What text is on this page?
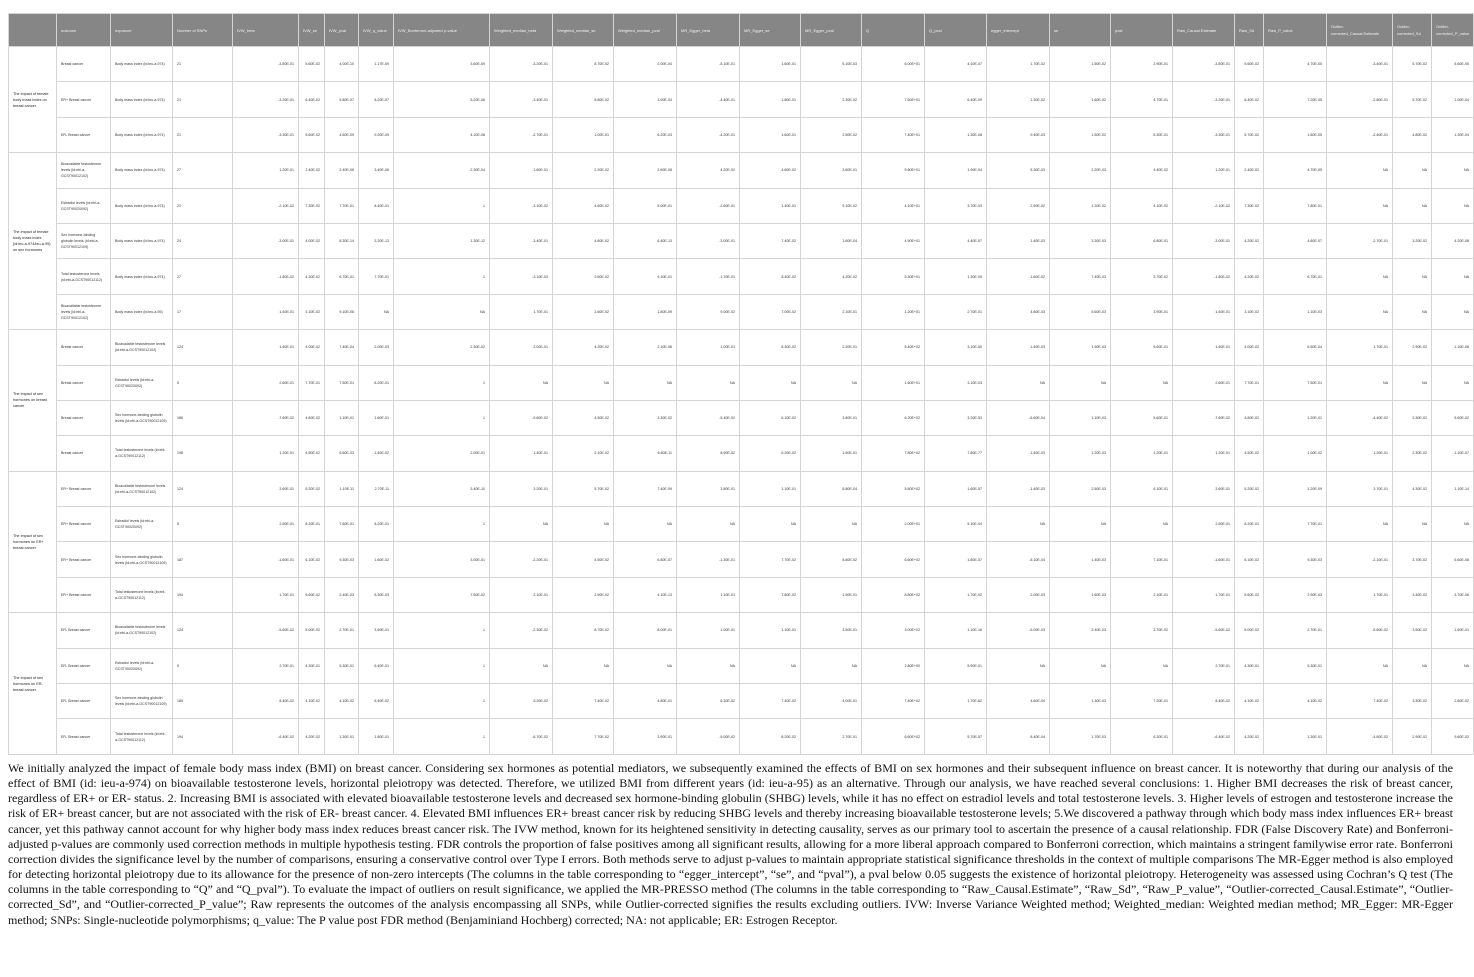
	outcome	exposure	Number of SNPs	IVW_beta	IVW_se	IVW_pval	IVW_q_value	IVW_Bonferroni-adjusted p-value	Weighted_median_beta	Weighted_median_se	Weighted_median_pval	MR_Egger_beta	MR_Egger_se	MR_Egger_pval	Q	Q_pval	egger_intercept	se	pval	Raw_Causal.Estimate	Raw_Sd	Raw_P_value	Outlier-corrected_Causal.Estimate	Outlier-corrected_Sd	Outlier-corrected_P_value
The impact of female body mass index on breast cancer	Breast cancer	Body mass index (id:ieu-a-974)	21	-3.50E-01	5.60E-02	4.00E-10	1.17E-09	3.60E-09	-3.20E-01	8.70E-02	2.00E-04	-5.10E-01	1.60E-01	5.10E-03	6.00E+01	4.10E-07	1.70E-02	1.50E-02	2.90E-01	-3.50E-01	5.60E-02	4.70E-05	-3.40E-01	5.70E-02	5.60E-05
	ER+ Breast cancer	Body mass index (id:ieu-a-974)	21	-3.20E-01	6.40E-02	5.80E-07	8.20E-07	5.20E-06	-3.40E-01	8.80E-02	1.00E-04	-4.40E-01	1.80E-01	2.30E-02	7.60E+01	6.40E-09	1.30E-02	1.60E-02	4.70E-01	-3.20E-01	6.40E-02	7.20E-05	-2.80E-01	5.70E-02	1.00E-04
	ER- Breast cancer	Body mass index (id:ieu-a-974)	21	-3.30E-01	5.60E-02	4.60E-09	9.20E-09	4.10E-08	-2.70E-01	1.00E-01	6.20E-03	-4.20E-01	1.60E-01	2.50E-02	7.40E+01	1.30E-08	9.40E-03	1.50E-02	5.30E-01	-3.30E-01	5.70E-02	1.60E-05	-2.40E-01	4.80E-02	1.30E-04
The impact of female body mass index (id:ieu-a-974/ieu-a-95) on sex hormones	Bioavailable testosterone levels (id:ebi-a-GCST90012102)	Body mass index (id:ieu-a-974)	27	1.20E-01	2.40E-02	2.40E-06	3.40E-06	2.30E-04	1.60E-01	2.20E-02	2.60E-08	4.20E-02	4.60E-02	3.60E-01	5.60E+01	1.90E-04	5.30E-03	2.20E-03	4.40E-02	1.20E-01	2.40E-02	4.70E-05	NA	NA	NA
	Estradiol levels (id:ebi-a-GCST90020092)	Body mass index (id:ieu-a-974)	21	-2.10E-02	7.30E-02	7.70E-01	8.40E-01	1	-3.10E-02	4.60E-02	5.00E-01	-2.60E-01	1.40E-01	9.10E-02	4.10E+01	3.70E-03	2.50E-02	1.20E-02	4.10E-02	-2.10E-02	7.30E-02	7.80E-01	NA	NA	NA
	Sex hormone-binding globulin levels (id:ebi-a-GCST90012109)	Body mass index (id:ieu-a-974)	24	-3.00E-01	4.00E-02	8.30E-14	3.20E-13	1.30E-12	-3.40E-01	4.80E-02	6.40E-13	-3.00E-01	7.40E-02	1.60E-04	4.90E+01	4.40E-07	1.40E-03	3.30E-03	6.80E-01	-3.00E-01	4.20E-02	4.80E-07	-2.70E-01	3.20E-02	4.20E-08
	Total testosterone levels (id:ebi-a-GCST90012112)	Body mass index (id:ieu-a-974)	27	-1.80E-02	4.20E-02	6.70E-01	7.70E-01	1	-3.10E-03	2.60E-02	9.10E-01	-1.70E-01	8.40E-02	4.20E-02	5.30E+01	1.30E-05	1.60E-02	7.40E-03	3.70E-02	-1.80E-02	4.20E-02	6.70E-01	NA	NA	NA
	Bioavailable testosterone levels (id:ebi-a-GCST90012102)	Body mass index (id:ieu-a-95)	17	1.40E-01	3.10E-02	9.10E-06	NA	NA	1.70E-01	2.60E-02	1.80E-09	9.00E-02	7.00E-02	2.10E-01	1.20E+01	2.70E-01	4.80E-03	5.60E-03	3.90E-01	1.40E-01	3.10E-02	1.10E-03	NA	NA	NA
The impact of sex hormones on breast cancer	Breast cancer	Bioavailable testosterone levels (id:ebi-a-GCST90012102)	124	1.40E-01	4.00E-02	7.40E-04	2.00E-03	2.30E-02	2.00E-01	4.20E-02	2.10E-06	1.00E-01	8.30E-02	2.20E-01	5.40E+02	3.10E-50	1.40E-03	1.90E-03	5.60E-01	1.40E-01	4.00E-02	6.50E-04	1.70E-01	2.90E-02	1.10E-08
	Breast cancer	Estradiol levels (id:ebi-a-GCST90020092)	5	2.60E-01	7.70E-01	7.50E-01	8.20E-01	1	NA	NA	NA	NA	NA	NA	1.60E+01	3.10E-03	NA	NA	NA	2.60E-01	7.70E-01	7.50E-01	NA	NA	NA
	Breast cancer	Sex hormone-binding globulin levels (id:ebi-a-GCST90012109)	186	-7.60E-02	4.80E-02	1.10E-01	1.60E-01	1	-9.60E-02	4.50E-02	3.30E-02	-5.40E-02	6.10E-02	3.80E-01	6.20E+02	3.20E-53	-6.60E-04	1.10E-03	5.60E-01	-7.60E-02	4.80E-02	1.20E-01	-4.40E-02	2.30E-02	5.60E-02
	Breast cancer	Total testosterone levels (id:ebi-a-GCST90012112)	196	1.20E-01	4.50E-02	6.60E-03	1.40E-02	2.00E-01	1.40E-01	2.10E-02	6.60E-11	8.90E-02	6.20E-02	1.50E-01	7.80E+02	7.80E-77	1.40E-03	1.20E-03	1.20E-01	1.20E-01	4.50E-02	1.00E-02	1.20E-01	2.30E-02	1.10E-07
The impact of sex hormones on ER+ breast cancer	ER+ Breast cancer	Bioavailable testosterone levels (id:ebi-a-GCST90012102)	124	3.60E-01	5.20E-02	1.10E-11	2.70E-11	3.40E-10	3.20E-01	5.70E-02	7.40E-09	3.80E-01	1.10E-01	6.80E-04	5.80E+02	1.60E-57	-1.40E-03	2.50E-03	6.10E-01	3.60E-01	5.20E-02	1.20E-09	3.70E-01	4.30E-02	1.10E-14
	ER+ Breast cancer	Estradiol levels (id:ebi-a-GCST90020092)	5	2.50E-01	8.20E-01	7.60E-01	8.20E-01	1	NA	NA	NA	NA	NA	NA	2.00E+01	5.10E-04	NA	NA	NA	2.50E-01	8.20E-01	7.70E-01	NA	NA	NA
	ER+ Breast cancer	Sex hormone-binding globulin levels (id:ebi-a-GCST90012109)	187	-1.60E-01	6.10E-02	9.30E-03	1.60E-02	3.00E-01	-2.20E-01	4.50E-02	6.80E-07	-1.30E-01	7.70E-02	8.80E-02	6.60E+02	1.80E-57	-5.10E-04	1.40E-03	7.10E-01	-1.60E-01	6.10E-02	9.30E-03	-2.10E-01	3.70E-02	6.60E-08
	ER+ Breast cancer	Total testosterone levels (id:ebi-a-GCST90012112)	194	1.70E-01	5.60E-02	2.40E-03	5.30E-03	7.50E-02	2.10E-01	2.90E-02	4.10E-13	1.10E-01	7.80E-02	1.50E-01	8.80E+02	1.70E-92	2.00E-03	1.60E-03	2.10E-01	1.70E-01	5.60E-02	2.90E-03	1.70E-01	3.40E-02	3.70E-06
The impact of sex hormones on ER- breast cancer	ER- Breast cancer	Bioavailable testosterone levels (id:ebi-a-GCST90012102)	124	-5.60E-02	5.00E-02	2.70E-01	3.50E-01	1	-2.30E-02	8.70E-02	8.00E-01	1.00E-01	1.10E-01	3.50E-01	3.00E+02	1.10E-16	-5.00E-03	2.40E-03	3.70E-02	-5.60E-02	5.00E-02	2.70E-01	-5.60E-02	3.90E-02	1.50E-01
	ER- Breast cancer	Estradiol levels (id:ebi-a-GCST90020092)	5	2.70E-01	4.30E-01	5.30E-01	6.40E-01	1	NA	NA	NA	NA	NA	NA	2.80E+00	5.90E-01	NA	NA	NA	2.70E-01	4.30E-01	5.30E-01	NA	NA	NA
	ER- Breast cancer	Sex hormone-binding globulin levels (id:ebi-a-GCST90012109)	185	8.40E-02	4.10E-02	4.10E-02	6.40E-02	1	5.20E-02	7.40E-02	4.80E-01	6.30E-02	7.40E-02	4.00E-01	7.40E+02	1.70E-62	4.60E-04	1.30E-03	7.20E-01	8.40E-02	4.10E-02	4.10E-02	7.40E-02	3.30E-02	2.60E-02
	ER- Breast cancer	Total testosterone levels (id:ebi-a-GCST90012112)	194	-6.40E-02	4.20E-02	1.30E-01	1.80E-01	1	-6.70E-02	7.70E-02	3.90E-01	-9.00E-02	8.20E-02	2.70E-01	6.60E+02	5.70E-57	8.40E-04	1.70E-03	6.20E-01	-6.40E-02	4.20E-02	1.30E-01	-4.80E-02	2.90E-02	9.60E-02

We initially analyzed the impact of female body mass index (BMI) on breast cancer. Considering sex hormones as potential mediators, we subsequently examined the effects of BMI on sex hormones and their subsequent influence on breast cancer. It is noteworthy that during our analysis of the effect of BMI (id: ieu-a-974) on bioavailable testosterone levels, horizontal pleiotropy was detected. Therefore, we utilized BMI from different years (id: ieu-a-95) as an alternative. Through our analysis, we have reached several conclusions: 1. Higher BMI decreases the risk of breast cancer, regardless of ER+ or ER- status. 2. Increasing BMI is associated with elevated bioavailable testosterone levels and decreased sex hormone-binding globulin (SHBG) levels, while it has no effect on estradiol levels and total testosterone levels. 3. Higher levels of estrogen and testosterone increase the risk of ER+ breast cancer, but are not associated with the risk of ER- breast cancer. 4. Elevated BMI influences ER+ breast cancer risk by reducing SHBG levels and thereby increasing bioavailable testosterone levels; 5.We discovered a pathway through which body mass index influences ER+ breast cancer, yet this pathway cannot account for why higher body mass index reduces breast cancer risk. The IVW method, known for its heightened sensitivity in detecting causality, serves as our primary tool to ascertain the presence of a causal relationship. FDR (False Discovery Rate) and Bonferroni-adjusted p-values are commonly used correction methods in multiple hypothesis testing. FDR controls the proportion of false positives among all significant results, allowing for a more liberal approach compared to Bonferroni correction, which maintains a stringent familywise error rate. Bonferroni correction divides the significance level by the number of comparisons, ensuring a conservative control over Type I errors. Both methods serve to adjust p-values to maintain appropriate statistical significance thresholds in the context of multiple comparisons The MR-Egger method is also employed for detecting horizontal pleiotropy due to its allowance for the presence of non-zero intercepts (The columns in the table corresponding to “egger_intercept”, “se”, and “pval”), a pval below 0.05 suggests the existence of horizontal pleiotropy. Heterogeneity was assessed using Cochran’s Q test (The columns in the table corresponding to “Q” and “Q_pval”). To evaluate the impact of outliers on result significance, we applied the MR-PRESSO method (The columns in the table corresponding to “Raw_Causal.Estimate”, “Raw_Sd”, “Raw_P_value”, “Outlier-corrected_Causal.Estimate”, “Outlier-corrected_Sd”, and “Outlier-corrected_P_value”; Raw represents the outcomes of the analysis encompassing all SNPs, while Outlier-corrected signifies the results excluding outliers. IVW: Inverse Variance Weighted method; Weighted_median: Weighted median method; MR_Egger: MR-Egger method; SNPs: Single-nucleotide polymorphisms; q_value: The P value post FDR method (Benjaminiand Hochberg) corrected; NA: not applicable; ER: Estrogen Receptor.
